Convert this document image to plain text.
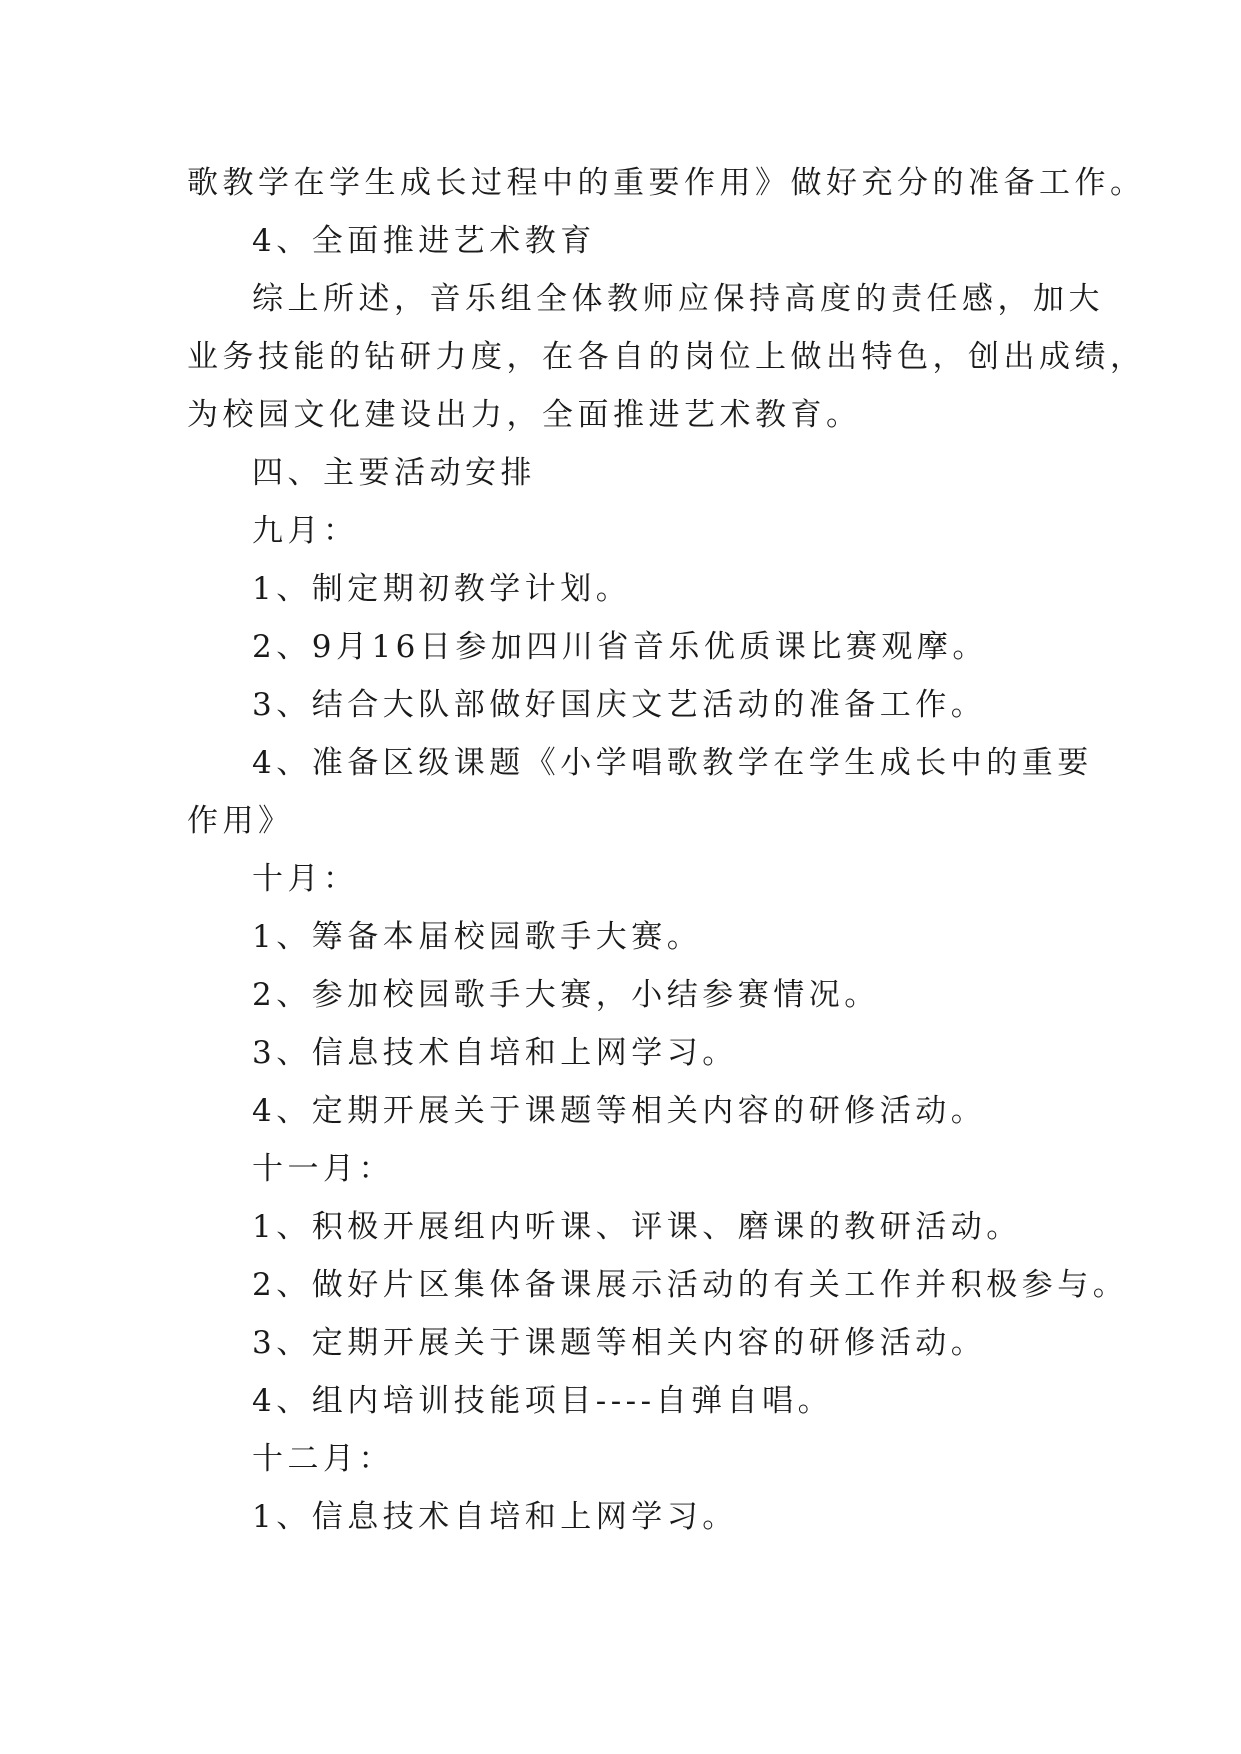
歌教学在学生成长过程中的重要作用》做好充分的准备工作。
4、全面推进艺术教育
综上所述，音乐组全体教师应保持高度的责任感，加大
业务技能的钻研力度，在各自的岗位上做出特色，创出成绩，
为校园文化建设出力，全面推进艺术教育。
四、主要活动安排
九月：
1、制定期初教学计划。
2、9月16日参加四川省音乐优质课比赛观摩。
3、结合大队部做好国庆文艺活动的准备工作。
4、准备区级课题《小学唱歌教学在学生成长中的重要
作用》
十月：
1、筹备本届校园歌手大赛。
2、参加校园歌手大赛，小结参赛情况。
3、信息技术自培和上网学习。
4、定期开展关于课题等相关内容的研修活动。
十一月：
1、积极开展组内听课、评课、磨课的教研活动。
2、做好片区集体备课展示活动的有关工作并积极参与。
3、定期开展关于课题等相关内容的研修活动。
4、组内培训技能项目----自弹自唱。
十二月：
1、信息技术自培和上网学习。
